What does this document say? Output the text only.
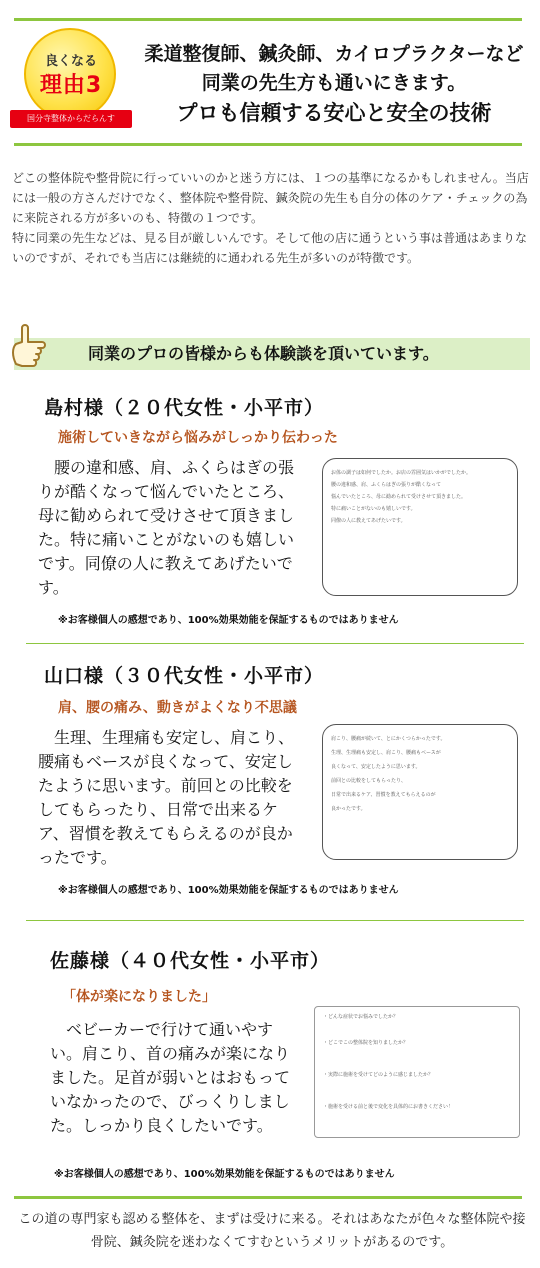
良くなる
理由3
国分寺整体からだらんす
柔道整復師、鍼灸師、カイロプラクターなど
同業の先生方も通いにきます。
プロも信頼する安心と安全の技術

どこの整体院や整骨院に行っていいのかと迷う方には、１つの基準になるかもしれません。当店には一般の方さんだけでなく、整体院や整骨院、鍼灸院の先生も自分の体のケア・チェックの為に来院される方が多いのも、特徴の１つです。

特に同業の先生などは、見る目が厳しいんです。そして他の店に通うという事は普通はあまりないのですが、それでも当店には継続的に通われる先生が多いのが特徴です。

同業のプロの皆様からも体験談を頂いています。
島村様（２０代女性・小平市）
施術していきながら悩みがしっかり伝わった
腰の違和感、肩、ふくらはぎの張りが酷くなって悩んでいたところ、母に勧められて受けさせて頂きました。特に痛いことがないのも嬉しいです。同僚の人に教えてあげたいです。
お体の調子は如何でしたか。お店の雰囲気はいかがでしたか。
腰の違和感、肩、ふくらはぎの張りが酷くなって
悩んでいたところ、母に勧められて受けさせて頂きました。
特に痛いことがないのも嬉しいです。
同僚の人に教えてあげたいです。
※お客様個人の感想であり、100%効果効能を保証するものではありません
山口様（３０代女性・小平市）
肩、腰の痛み、動きがよくなり不思議
生理、生理痛も安定し、肩こり、腰痛もベースが良くなって、安定したように思います。前回との比較をしてもらったり、日常で出来るケア、習慣を教えてもらえるのが良かったです。
肩こり、腰痛が続いて、とにかくつらかったです。
生理、生理痛も安定し、肩こり、腰痛もベースが
良くなって、安定したように思います。
前回との比較をしてもらったり、
日常で出来るケア、習慣を教えてもらえるのが
良かったです。
※お客様個人の感想であり、100%効果効能を保証するものではありません
佐藤様（４０代女性・小平市）
「体が楽になりました」
ベビーカーで行けて通いやすい。肩こり、首の痛みが楽になりました。足首が弱いとはおもっていなかったので、びっくりしました。しっかり良くしたいです。
・どんな症状でお悩みでしたか？
・どこでこの整体院を知りましたか？
・実際に施術を受けてどのように感じましたか？
・施術を受ける前と後で変化を具体的にお書きください！
※お客様個人の感想であり、100%効果効能を保証するものではありません
この道の専門家も認める整体を、まずは受けに来る。それはあなたが色々な整体院や接骨院、鍼灸院を迷わなくてすむというメリットがあるのです。
